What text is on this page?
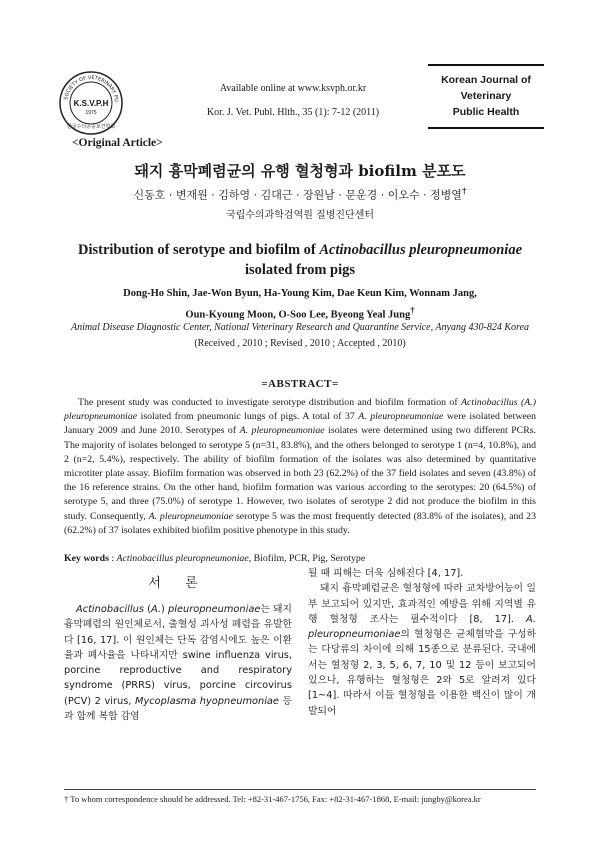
SOCIETY OF VETERINARY PU
K.S.V.P.H
1975
한국수의공중보건학회
Available online at www.ksvph.or.kr
Kor. J. Vet. Publ. Hlth., 35 (1): 7-12 (2011)
Korean Journal of
Veterinary
Public Health
<Original Article>
돼지 흉막폐렴균의 유행 혈청형과 biofilm 분포도
신동호 · 변재원 · 김하영 · 김대근 · 장원남 · 문운경 · 이오수 · 정병열†
국립수의과학검역원 질병진단센터
Distribution of serotype and biofilm of Actinobacillus pleuropneumoniae
isolated from pigs
Dong-Ho Shin, Jae-Won Byun, Ha-Young Kim, Dae Keun Kim, Wonnam Jang,
Oun-Kyoung Moon, O-Soo Lee, Byeong Yeal Jung†
Animal Disease Diagnostic Center, National Veterinary Research and Quarantine Service, Anyang 430-824 Korea
(Received , 2010 ; Revised , 2010 ; Accepted , 2010)
=ABSTRACT=

The present study was conducted to investigate serotype distribution and biofilm formation of Actinobacillus (A.) pleuropneumoniae isolated from pneumonic lungs of pigs. A total of 37 A. pleuropneumoniae were isolated between January 2009 and June 2010. Serotypes of A. pleuropneumoniae isolates were determined using two different PCRs. The majority of isolates belonged to serotype 5 (n=31, 83.8%), and the others belonged to serotype 1 (n=4, 10.8%), and 2 (n=2, 5.4%), respectively. The ability of biofilm formation of the isolates was also determined by quantitative microtiter plate assay. Biofilm formation was observed in both 23 (62.2%) of the 37 field isolates and seven (43.8%) of the 16 reference strains. On the other hand, biofilm formation was various according to the serotypes: 20 (64.5%) of serotype 5, and three (75.0%) of serotype 1. However, two isolates of serotype 2 did not produce the biofilm in this study. Consequently, A. pleuropneumoniae serotype 5 was the most frequently detected (83.8% of the isolates), and 23 (62.2%) of 37 isolates exhibited biofilm positive phenotype in this study.

Key words : Actinobacillus pleuropneumoniae, Biofilm, PCR, Pig, Serotype
서 론
Actinobacillus (A.) pleuropneumoniae는 돼지 흉막폐렴의 원인체로서, 출혈성 괴사성 폐렴을 유발한다 [16, 17]. 이 원인체는 단독 감염시에도 높은 이환율과 폐사율을 나타내지만 swine influenza virus, porcine reproductive and respiratory syndrome (PRRS) virus, porcine circovirus (PCV) 2 virus, Mycoplasma hyopneumoniae 등과 함께 복합 감염
될 때 피해는 더욱 심해진다 [4, 17].
돼지 흉막폐렴균은 혈청형에 따라 교차방어능이 일부 보고되어 있지만, 효과적인 예방을 위해 지역별 유행 혈청형 조사는 필수적이다 [8, 17]. A. pleuropneumoniae의 혈청형은 균체협막을 구성하는 다당류의 차이에 의해 15종으로 분류된다. 국내에서는 혈청형 2, 3, 5, 6, 7, 10 및 12 등이 보고되어 있으나, 유행하는 혈청형은 2와 5로 알려져 있다 [1~4]. 따라서 이들 혈청형을 이용한 백신이 많이 개발되어
† To whom correspondence should be addressed. Tel: +82-31-467-1756, Fax: +82-31-467-1868, E-mail: jungby@korea.kr
